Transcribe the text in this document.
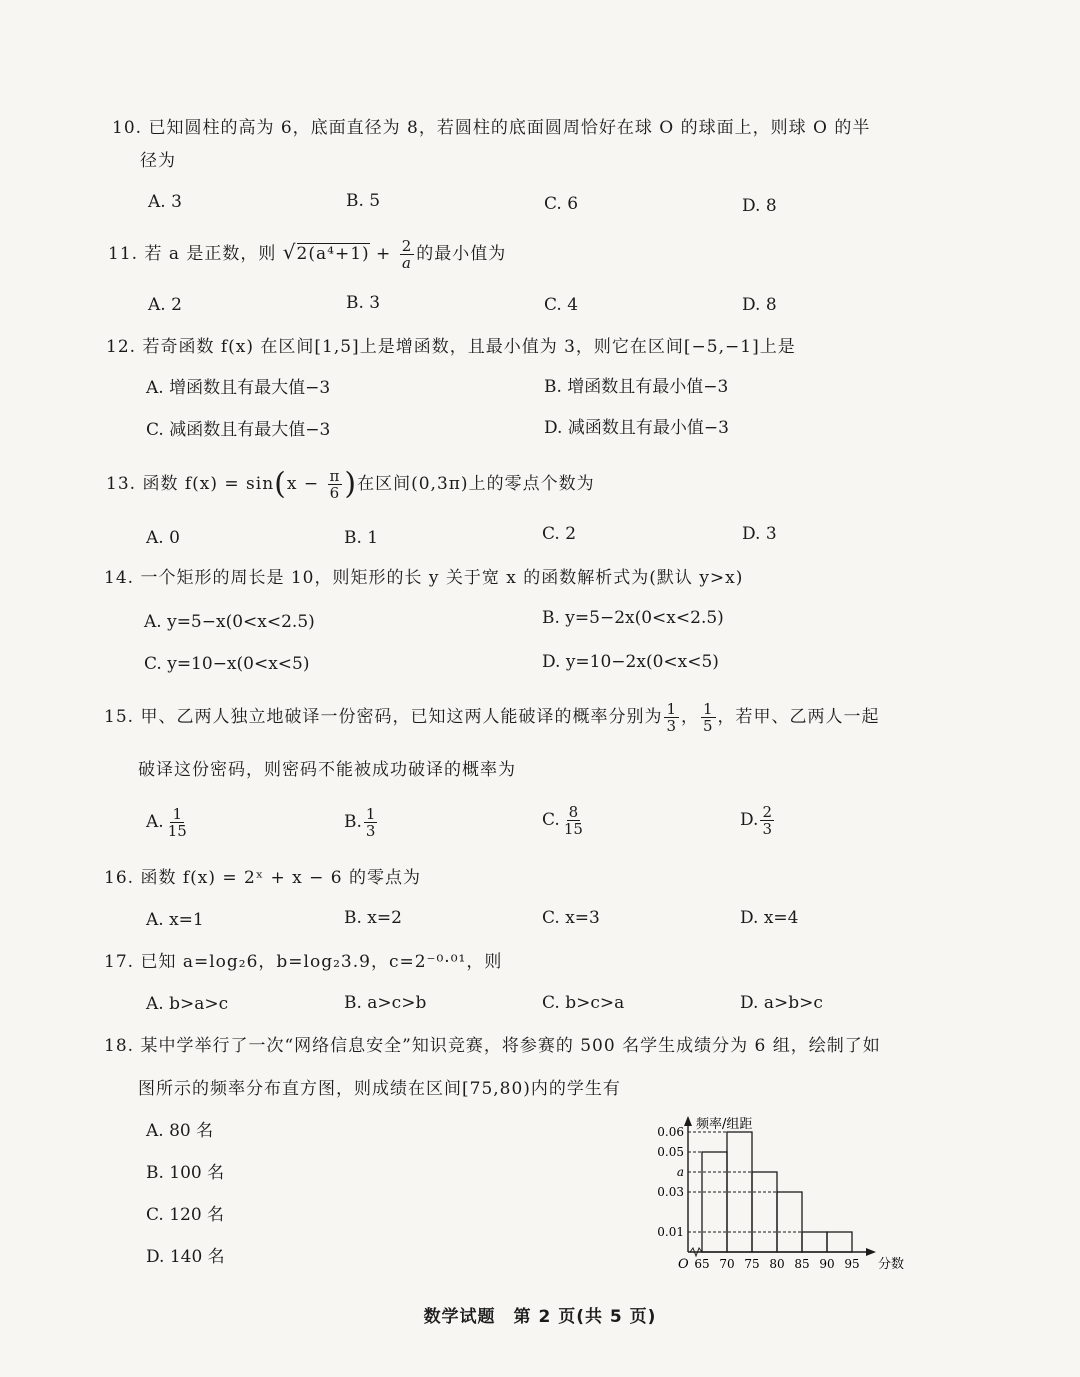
10. 已知圆柱的高为 6，底面直径为 8，若圆柱的底面圆周恰好在球 O 的球面上，则球 O 的半
径为
A. 3	B. 5	C. 6	D. 8
11. 若 a 是正数，则 $√2(a^4+1) + \frac{2}{a}$ 的最小值为
A. 2	B. 3	C. 4	D. 8
12. 若奇函数 f(x) 在区间[1,5]上是增函数，且最小值为 3，则它在区间[−5,−1]上是
A. 增函数且有最大值−3	B. 增函数且有最小值−3
C. 减函数且有最大值−3	D. 减函数且有最小值−3
13. 函数 $f(x) = \sin(x - \frac{\pi}{6}$ )在区间(0,3π)上的零点个数为
A. 0	B. 1	C. 2	D. 3
14. 一个矩形的周长是 10，则矩形的长 y 关于宽 x 的函数解析式为(默认 y>x)
A. y=5−x(0<x<2.5)	B. y=5−2x(0<x<2.5)
C. y=10−x(0<x<5)	D. y=10−2x(0<x<5)
15. 甲、乙两人独立地破译一份密码，已知这两人能破译的概率分别为 $\frac{1}{3}$ ， $\frac{1}{5}$ ，若甲、乙两人一起
破译这份密码，则密码不能被成功破译的概率为
A. $\frac{1}{15}$	B. $\frac{1}{3}$	C. $\frac{8}{15}$	D. $\frac{2}{3}$
16. 函数 f(x) = 2ˣ + x − 6 的零点为
A. x=1	B. x=2	C. x=3	D. x=4
17. 已知 a=log₂6，b=log₂3.9，c=2⁻⁰·⁰¹，则
A. b>a>c	B. a>c>b	C. b>c>a	D. a>b>c
18. 某中学举行了一次“网络信息安全”知识竞赛，将参赛的 500 名学生成绩分为 6 组，绘制了如
图所示的频率分布直方图，则成绩在区间[75,80)内的学生有
A. 80 名
B. 100 名
C. 120 名
D. 140 名
0.06
0.05
a
0.03
0.01
65 70 75 80 85 90 95
O
频率/组距
分数
数学试题　第 2 页(共 5 页)
